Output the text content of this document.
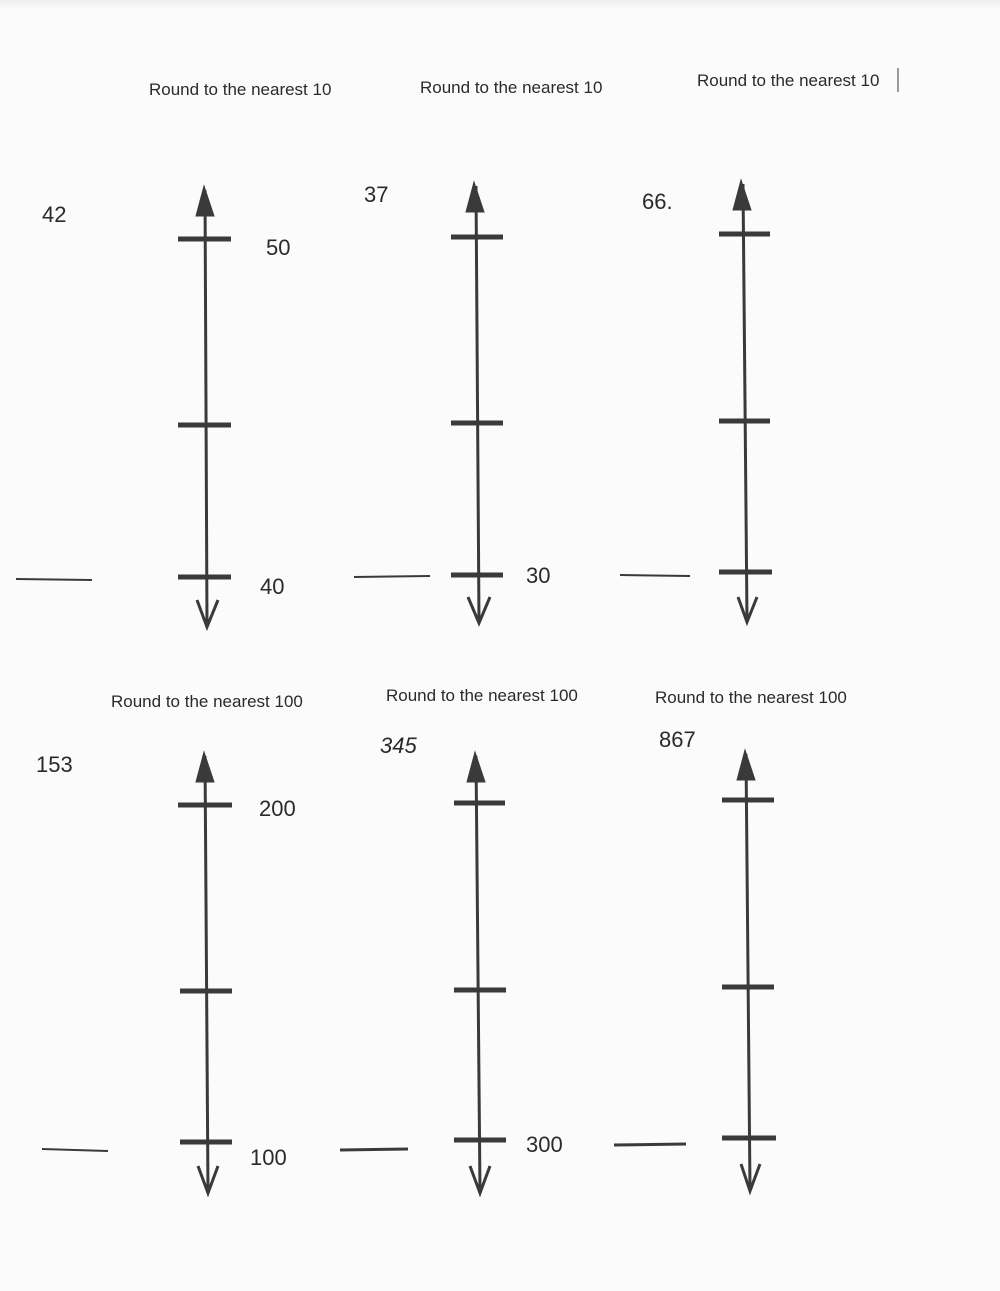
Round to the nearest 10
42
50
40
Round to the nearest 10
37
30
Round to the nearest 10
66.
Round to the nearest 100
153
200
100
Round to the nearest 100
345
300
Round to the nearest 100
867
